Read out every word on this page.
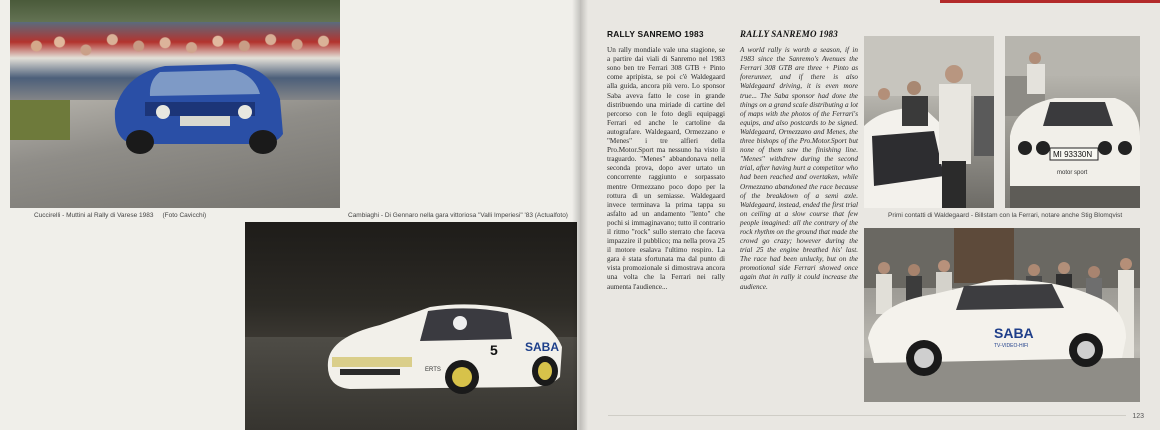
Cuccirelli - Muttini al Rally di Varese 1983 (Foto Cavicchi)	Cambiaghi - Di Gennaro nella gara vittoriosa "Valli Imperiesi" '83 (Actualfoto)
SABA
5
ERTS
RALLY SANREMO 1983

Un rally mondiale vale una stagione, se a partire dai viali di Sanremo nel 1983 sono ben tre Ferrari 308 GTB + Pinto come apripista, se poi c'è Waldegaard alla guida, ancora più vero. Lo sponsor Saba aveva fatto le cose in grande distribuendo una miriade di cartine del percorso con le foto degli equipaggi Ferrari ed anche le cartoline da autografare. Waldegaard, Ormezzano e "Menes" i tre alfieri della Pro.Motor.Sport ma nessuno ha visto il traguardo. "Menes" abbandonava nella seconda prova, dopo aver urtato un concorrente raggiunto e sorpassato mentre Ormezzano poco dopo per la rottura di un semiasse. Waldegaard invece terminava la prima tappa su asfalto ad un andamento "lento" che pochi si immaginavano; tutto il contrario il ritmo "rock" sullo sterrato che faceva impazzire il pubblico; ma nella prova 25 il motore esalava l'ultimo respiro. La gara è stata sfortunata ma dal punto di vista promozionale si dimostrava ancora una volta che la Ferrari nei rally aumenta l'audience...

RALLY SANREMO 1983

A world rally is worth a season, if in 1983 since the Sanremo's Avenues the Ferrari 308 GTB are three + Pinto as forerunner, and if there is also Waldegaard driving, it is even more true... The Saba sponsor had done the things on a grand scale distributing a lot of maps with the photos of the Ferrari's equips, and also postcards to be signed. Waldegaard, Ormezzano and Menes, the three bishops of the Pro.Motor.Sport but none of them saw the finishing line. "Menes" withdrew during the second trial, after having hurt a competitor who had been reached and overtaken, while Ormezzano abandoned the race because of the breakdown of a semi axle. Waldegaard, instead, ended the first trial on ceiling at a slow course that few people imagined: all the contrary of the rock rhythm on the ground that made the crowd go crazy; however during the trial 25 the engine breathed his' last. The race had been unlucky, but on the promotional side Ferrari showed once again that in rally it could increase the audience.

MI 93330N
motor sport
Primi contatti di Waldegaard - Billstam con la Ferrari, notare anche Stig Blomqvist
SABA
TV-VIDEO-HIFI
123
